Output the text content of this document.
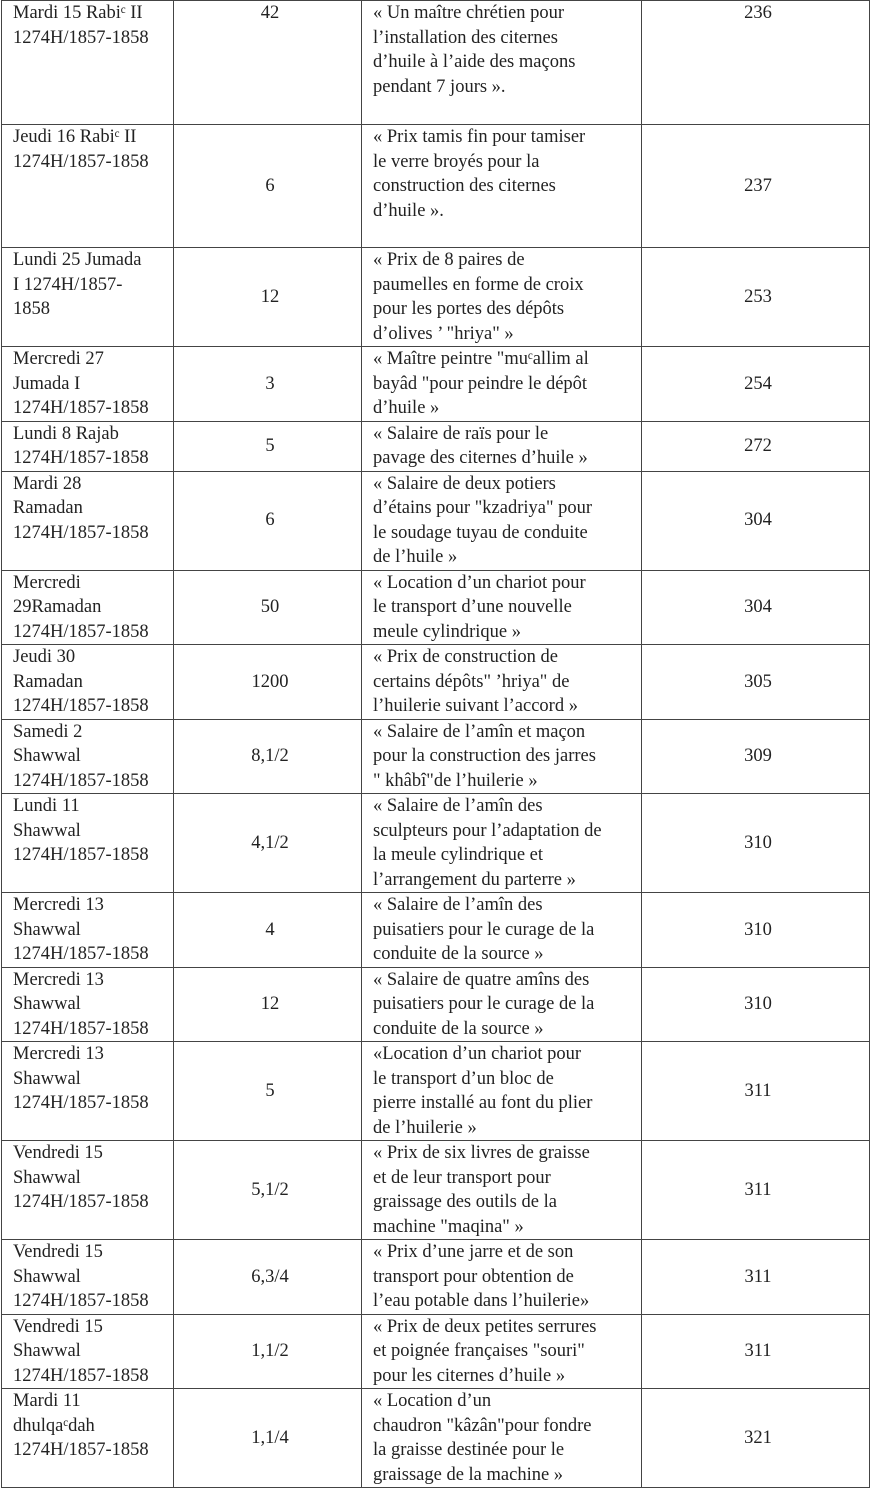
Mardi 15 Rabiᶜ II
1274H/1857-1858	42	« Un maître chrétien pour
l’installation des citernes
d’huile à l’aide des maçons
pendant 7 jours ».	236

Jeudi 16 Rabiᶜ II
1274H/1857-1858	6	« Prix tamis fin pour tamiser
le verre broyés pour la
construction des citernes
d’huile ».	237

Lundi 25 Jumada
I 1274H/1857-
1858	12	« Prix de 8 paires de
paumelles en forme de croix
pour les portes des dépôts
d’olives ’ "hriya" »	253

Mercredi 27
Jumada I
1274H/1857-1858	3	« Maître peintre "muᶜallim al
bayâd "pour peindre le dépôt
d’huile »	254

Lundi 8 Rajab
1274H/1857-1858	5	« Salaire de raïs pour le
pavage des citernes d’huile »	272

Mardi 28
Ramadan
1274H/1857-1858	6	« Salaire de deux potiers
d’étains pour "kzadriya" pour
le soudage tuyau de conduite
de l’huile »	304

Mercredi
29Ramadan
1274H/1857-1858	50	« Location d’un chariot pour
le transport d’une nouvelle
meule cylindrique »	304

Jeudi 30
Ramadan
1274H/1857-1858	1200	« Prix de construction de
certains dépôts" ’hriya" de
l’huilerie suivant l’accord »	305

Samedi 2
Shawwal
1274H/1857-1858	8,1/2	« Salaire de l’amîn et maçon
pour la construction des jarres
" khâbî"de l’huilerie »	309

Lundi 11
Shawwal
1274H/1857-1858	4,1/2	« Salaire de l’amîn des
sculpteurs pour l’adaptation de
la meule cylindrique et
l’arrangement du parterre »	310

Mercredi 13
Shawwal
1274H/1857-1858	4	« Salaire de l’amîn des
puisatiers pour le curage de la
conduite de la source »	310

Mercredi 13
Shawwal
1274H/1857-1858	12	« Salaire de quatre amîns des
puisatiers pour le curage de la
conduite de la source »	310

Mercredi 13
Shawwal
1274H/1857-1858	5	«Location d’un chariot pour
le transport d’un bloc de
pierre installé au font du plier
de l’huilerie »	311

Vendredi 15
Shawwal
1274H/1857-1858	5,1/2	« Prix de six livres de graisse
et de leur transport pour
graissage des outils de la
machine "maqina" »	311

Vendredi 15
Shawwal
1274H/1857-1858	6,3/4	« Prix d’une jarre et de son
transport pour obtention de
l’eau potable dans l’huilerie»	311

Vendredi 15
Shawwal
1274H/1857-1858	1,1/2	« Prix de deux petites serrures
et poignée françaises "souri"
pour les citernes d’huile »	311

Mardi 11
dhulqaᶜdah
1274H/1857-1858	1,1/4	« Location d’un
chaudron "kâzân"pour fondre
la graisse destinée pour le
graissage de la machine »	321
